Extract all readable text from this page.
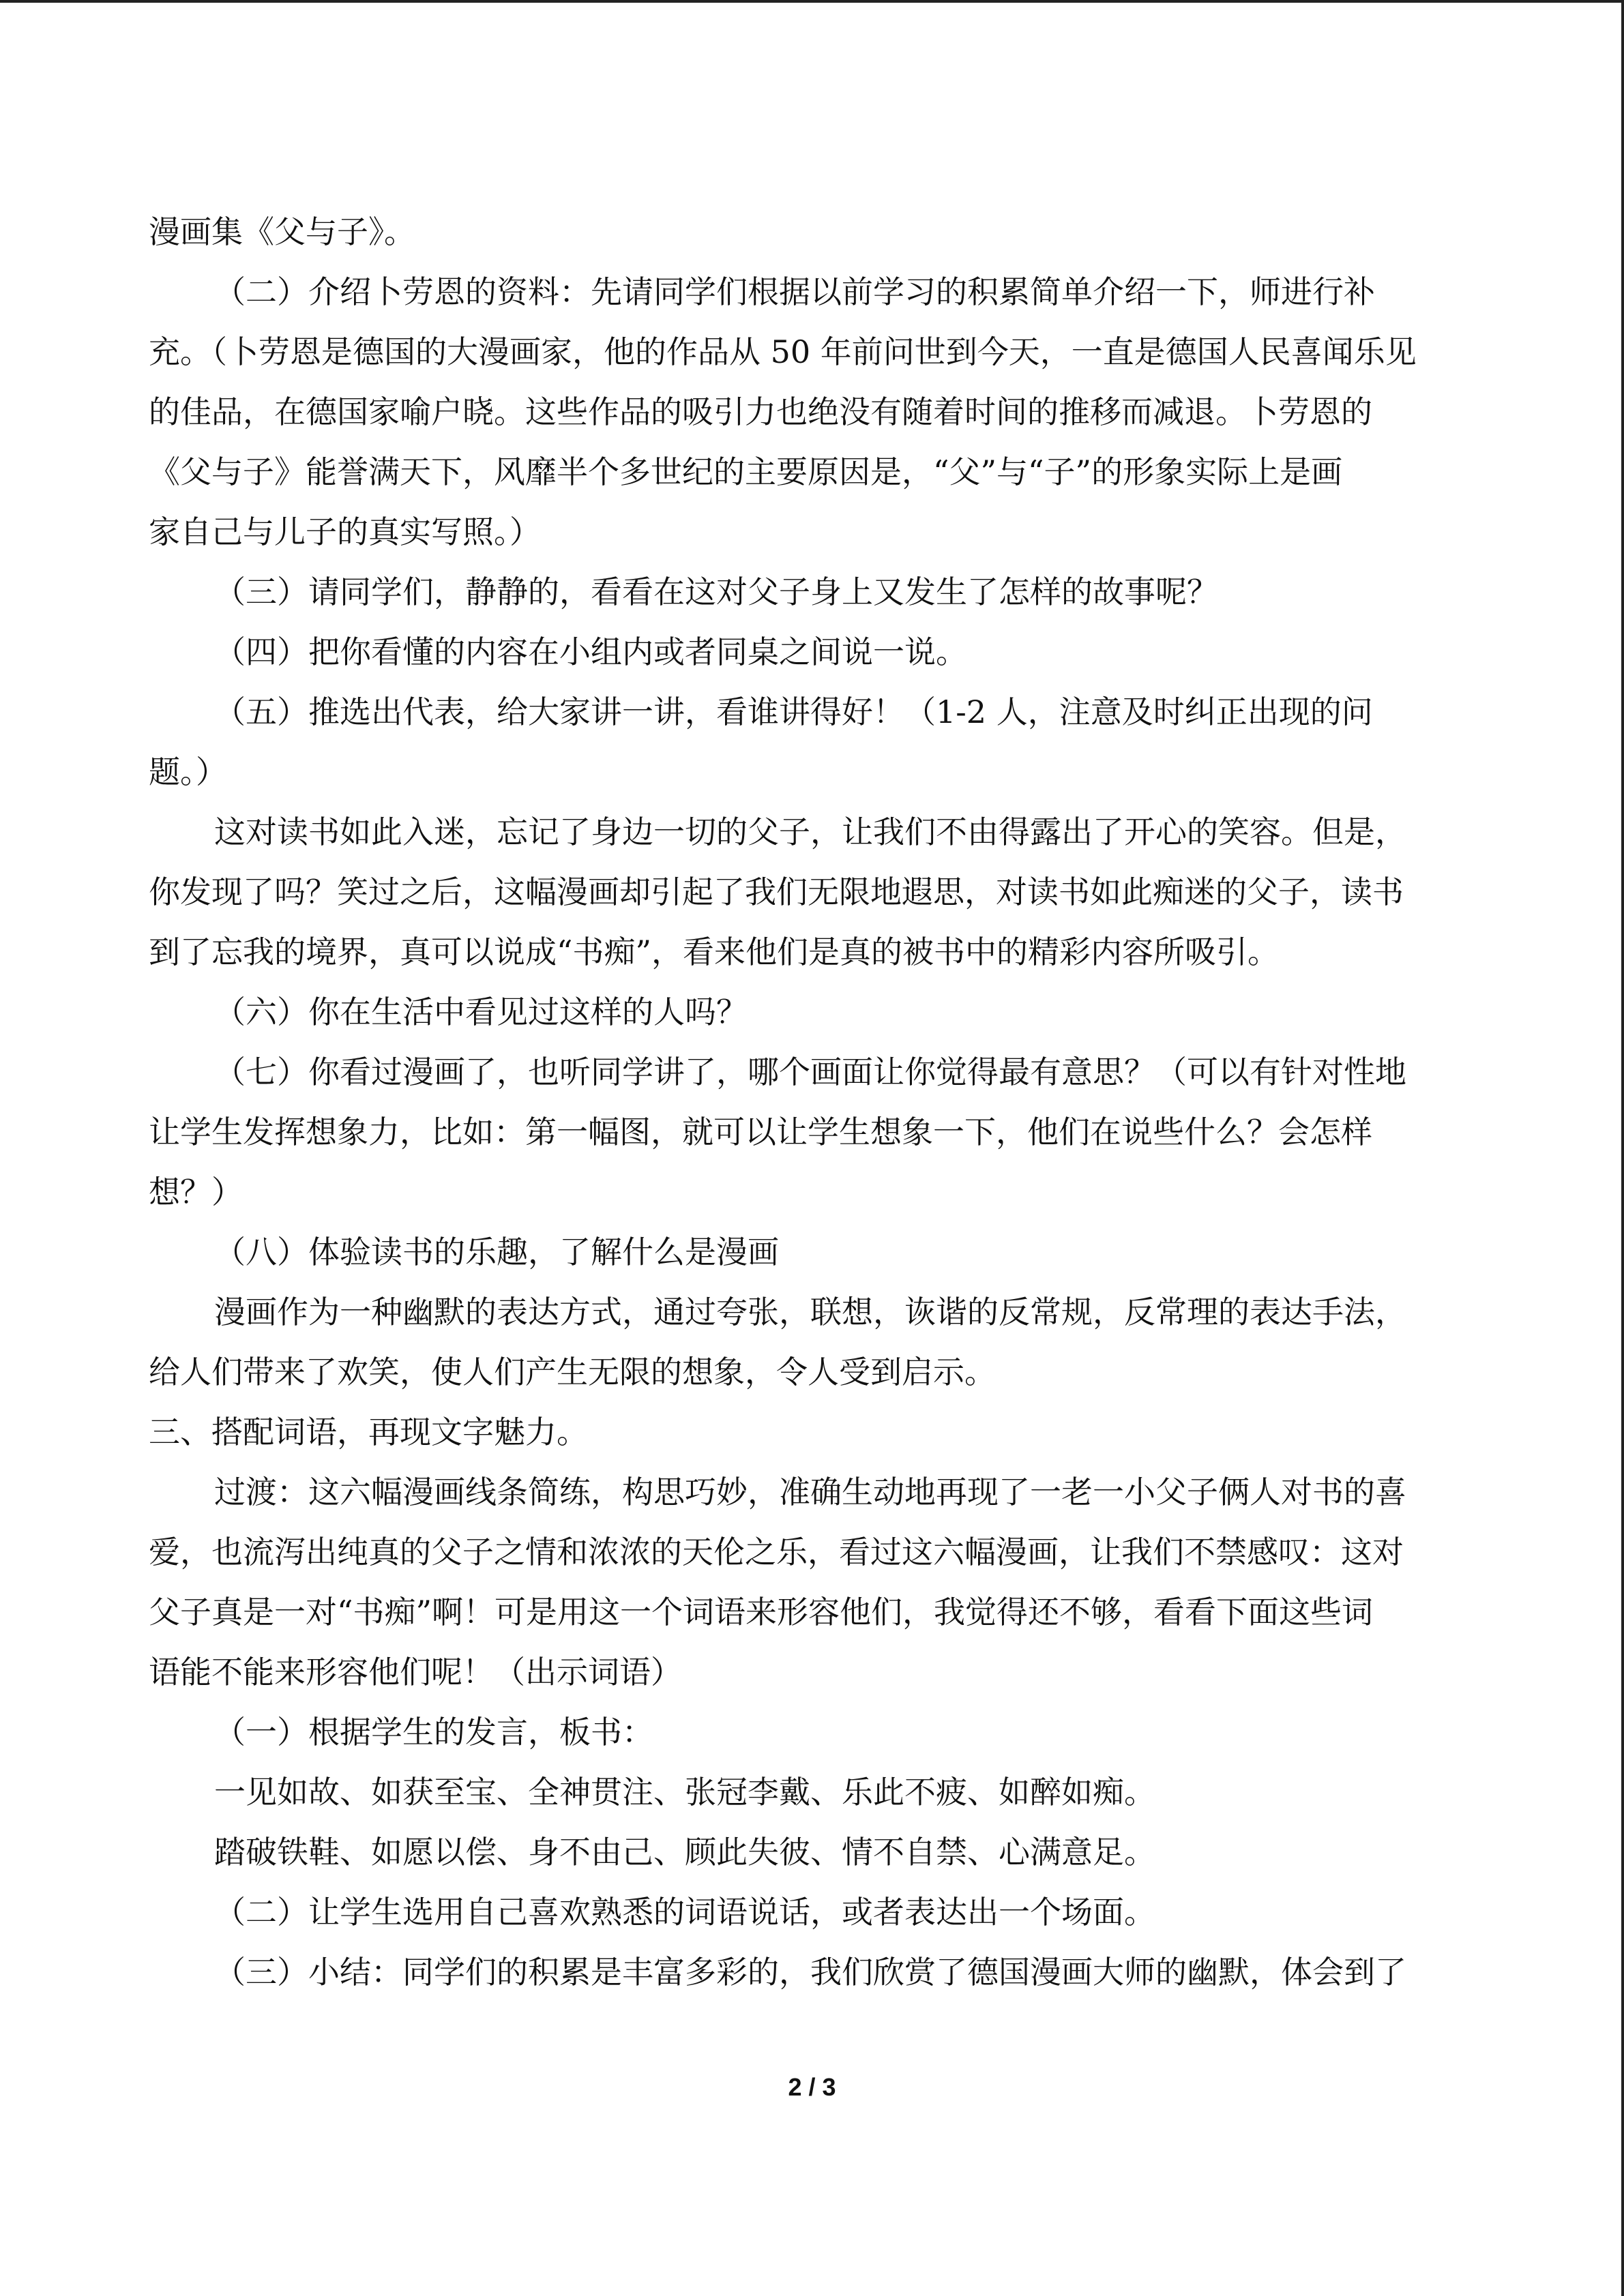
漫画集《父与子》。
（二）介绍卜劳恩的资料：先请同学们根据以前学习的积累简单介绍一下，师进行补
充。（卜劳恩是德国的大漫画家，他的作品从 50 年前问世到今天，一直是德国人民喜闻乐见
的佳品，在德国家喻户晓。这些作品的吸引力也绝没有随着时间的推移而减退。卜劳恩的
《父与子》能誉满天下，风靡半个多世纪的主要原因是，“父”与“子”的形象实际上是画
家自己与儿子的真实写照。）
（三）请同学们，静静的，看看在这对父子身上又发生了怎样的故事呢？
（四）把你看懂的内容在小组内或者同桌之间说一说。
（五）推选出代表，给大家讲一讲，看谁讲得好！（1-2 人，注意及时纠正出现的问
题。）
这对读书如此入迷，忘记了身边一切的父子，让我们不由得露出了开心的笑容。但是，
你发现了吗？笑过之后，这幅漫画却引起了我们无限地遐思，对读书如此痴迷的父子，读书
到了忘我的境界，真可以说成“书痴”，看来他们是真的被书中的精彩内容所吸引。
（六）你在生活中看见过这样的人吗？
（七）你看过漫画了，也听同学讲了，哪个画面让你觉得最有意思？（可以有针对性地
让学生发挥想象力，比如：第一幅图，就可以让学生想象一下，他们在说些什么？会怎样
想？）
（八）体验读书的乐趣，了解什么是漫画
漫画作为一种幽默的表达方式，通过夸张，联想，诙谐的反常规，反常理的表达手法，
给人们带来了欢笑，使人们产生无限的想象，令人受到启示。
三、搭配词语，再现文字魅力。
过渡：这六幅漫画线条简练，构思巧妙，准确生动地再现了一老一小父子俩人对书的喜
爱，也流泻出纯真的父子之情和浓浓的天伦之乐，看过这六幅漫画，让我们不禁感叹：这对
父子真是一对“书痴”啊！可是用这一个词语来形容他们，我觉得还不够，看看下面这些词
语能不能来形容他们呢！（出示词语）
（一）根据学生的发言，板书：
一见如故、如获至宝、全神贯注、张冠李戴、乐此不疲、如醉如痴。
踏破铁鞋、如愿以偿、身不由己、顾此失彼、情不自禁、心满意足。
（二）让学生选用自己喜欢熟悉的词语说话，或者表达出一个场面。
（三）小结：同学们的积累是丰富多彩的，我们欣赏了德国漫画大师的幽默，体会到了
2 / 3
